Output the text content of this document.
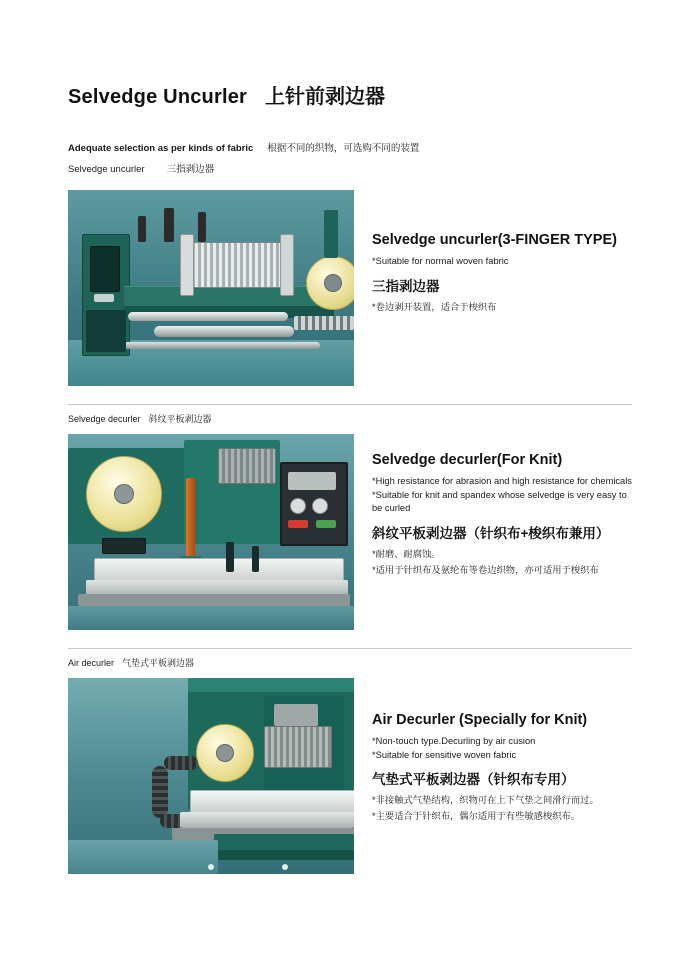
Selvedge Uncurler 上针前剥边器
Adequate selection as per kinds of fabric 根据不同的织物，可选购不同的装置
Selvedge uncurler 三指剥边器
Selvedge uncurler(3-FINGER TYPE)

*Suitable for normal woven fabric

三指剥边器

*卷边剥开装置，适合于梭织布

Selvedge decurler 斜纹平板剥边器
Selvedge decurler(For Knit)

*High resistance for abrasion and high resistance for chemicals

*Suitable for knit and spandex whose selvedge is very easy to

be curled

斜纹平板剥边器（针织布+梭织布兼用）

*耐磨、耐腐蚀。

*适用于针织布及氨纶布等卷边织物，亦可适用于梭织布

Air decurler 气垫式平板剥边器
Air Decurler (Specially for Knit)

*Non-touch type.Decurling by air cusion

*Suitable for sensitive woven fabric

气垫式平板剥边器（针织布专用）

*非接触式气垫结构，织物可在上下气垫之间滑行而过。

*主要适合于针织布，偶尔适用于有些敏感梭织布。
